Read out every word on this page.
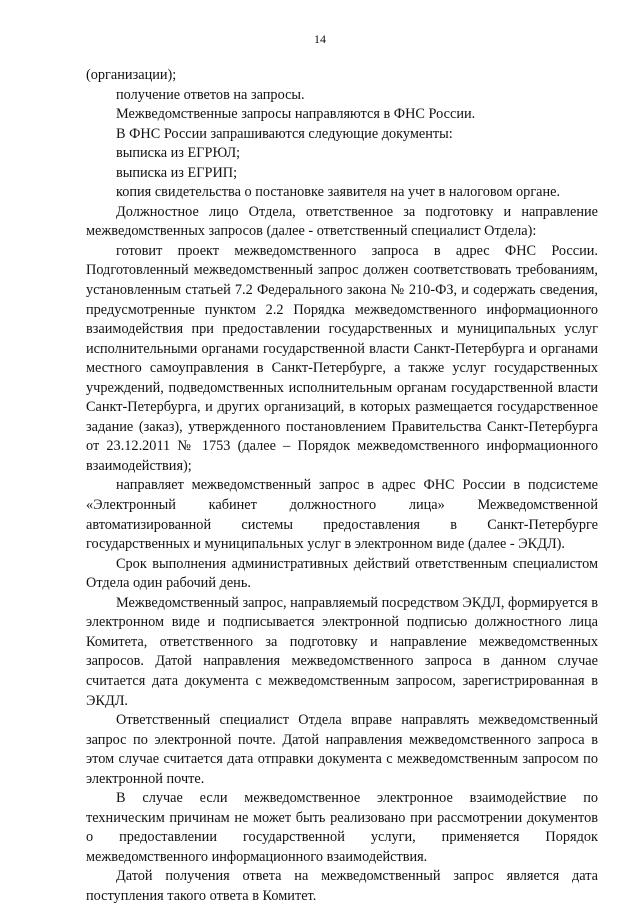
14

(организации);

получение ответов на запросы.

Межведомственные запросы направляются в ФНС России.

В ФНС России запрашиваются следующие документы:

выписка из ЕГРЮЛ;

выписка из ЕГРИП;

копия свидетельства о постановке заявителя на учет в налоговом органе.

Должностное лицо Отдела, ответственное за подготовку и направление межведомственных запросов (далее - ответственный специалист Отдела):

готовит проект межведомственного запроса в адрес ФНС России. Подготовленный межведомственный запрос должен соответствовать требованиям, установленным статьей 7.2 Федерального закона № 210-ФЗ, и содержать сведения, предусмотренные пунктом 2.2 Порядка межведомственного информационного взаимодействия при предоставлении государственных и муниципальных услуг исполнительными органами государственной власти Санкт-Петербурга и органами местного самоуправления в Санкт-Петербурге, а также услуг государственных учреждений, подведомственных исполнительным органам государственной власти Санкт-Петербурга, и других организаций, в которых размещается государственное задание (заказ), утвержденного постановлением Правительства Санкт-Петербурга от 23.12.2011 № 1753 (далее – Порядок межведомственного информационного взаимодействия);

направляет межведомственный запрос в адрес ФНС России в подсистеме «Электронный кабинет должностного лица» Межведомственной автоматизированной системы предоставления в Санкт-Петербурге государственных и муниципальных услуг в электронном виде (далее - ЭКДЛ).

Срок выполнения административных действий ответственным специалистом Отдела один рабочий день.

Межведомственный запрос, направляемый посредством ЭКДЛ, формируется в электронном виде и подписывается электронной подписью должностного лица Комитета, ответственного за подготовку и направление межведомственных запросов. Датой направления межведомственного запроса в данном случае считается дата документа с межведомственным запросом, зарегистрированная в ЭКДЛ.

Ответственный специалист Отдела вправе направлять межведомственный запрос по электронной почте. Датой направления межведомственного запроса в этом случае считается дата отправки документа с межведомственным запросом по электронной почте.

В случае если межведомственное электронное взаимодействие по техническим причинам не может быть реализовано при рассмотрении документов о предоставлении государственной услуги, применяется Порядок межведомственного информационного взаимодействия.

Датой получения ответа на межведомственный запрос является дата поступления такого ответа в Комитет.
